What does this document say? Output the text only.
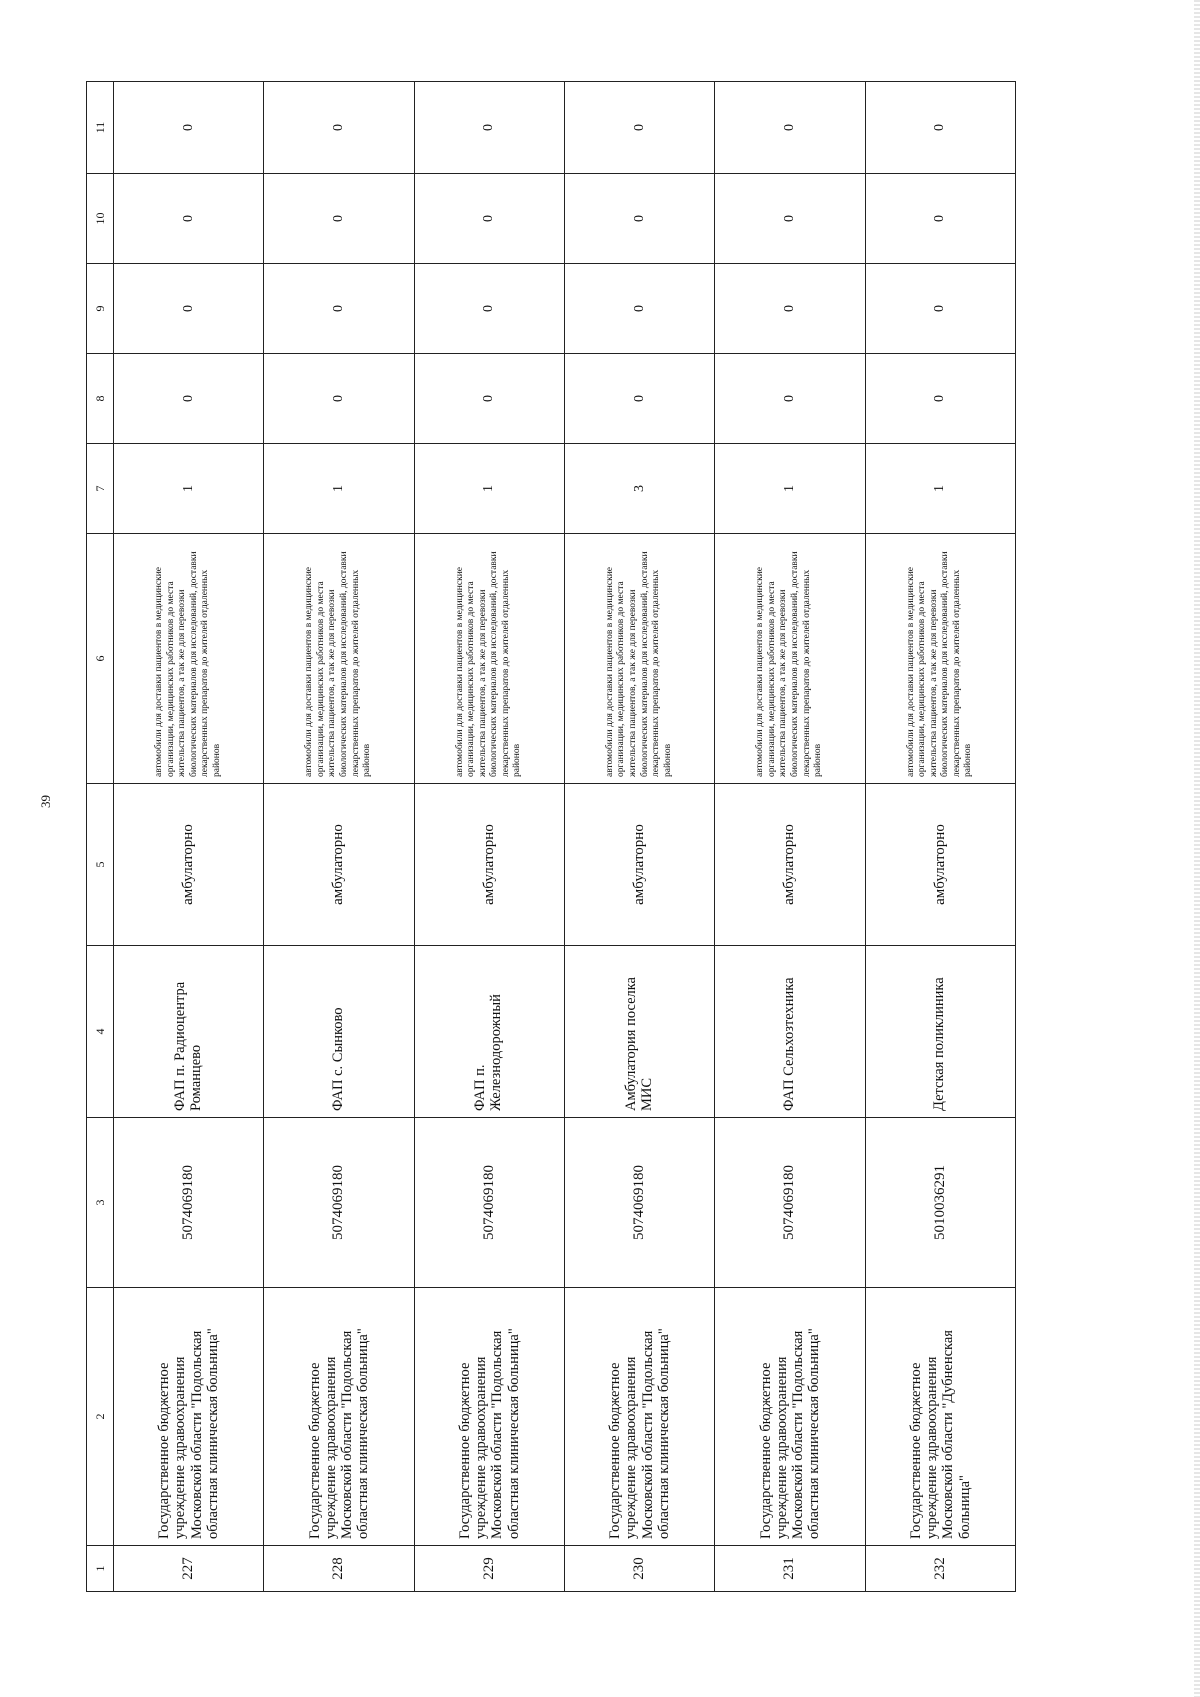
39
1	2	3	4	5	6	7	8	9	10	11
227	Государственное бюджетное учреждение здравоохранения Московской области "Подольская областная клиническая больница"	5074069180	ФАП п. Радиоцентра Романцево	амбулаторно	автомобили для доставки пациентов в медицинские организации, медицинских работников до места жительства пациентов, а так же для перевозки биологических материалов для исследований, доставки лекарственных препаратов до жителей отдаленных районов	1	0	0	0	0
228	Государственное бюджетное учреждение здравоохранения Московской области "Подольская областная клиническая больница"	5074069180	ФАП с. Сынково	амбулаторно	автомобили для доставки пациентов в медицинские организации, медицинских работников до места жительства пациентов, а так же для перевозки биологических материалов для исследований, доставки лекарственных препаратов до жителей отдаленных районов	1	0	0	0	0
229	Государственное бюджетное учреждение здравоохранения Московской области "Подольская областная клиническая больница"	5074069180	ФАП п. Железнодорожный	амбулаторно	автомобили для доставки пациентов в медицинские организации, медицинских работников до места жительства пациентов, а так же для перевозки биологических материалов для исследований, доставки лекарственных препаратов до жителей отдаленных районов	1	0	0	0	0
230	Государственное бюджетное учреждение здравоохранения Московской области "Подольская областная клиническая больница"	5074069180	Амбулатория поселка МИС	амбулаторно	автомобили для доставки пациентов в медицинские организации, медицинских работников до места жительства пациентов, а так же для перевозки биологических материалов для исследований, доставки лекарственных препаратов до жителей отдаленных районов	3	0	0	0	0
231	Государственное бюджетное учреждение здравоохранения Московской области "Подольская областная клиническая больница"	5074069180	ФАП Сельхозтехника	амбулаторно	автомобили для доставки пациентов в медицинские организации, медицинских работников до места жительства пациентов, а так же для перевозки биологических материалов для исследований, доставки лекарственных препаратов до жителей отдаленных районов	1	0	0	0	0
232	Государственное бюджетное учреждение здравоохранения Московской области "Дубненская больница"	5010036291	Детская поликлиника	амбулаторно	автомобили для доставки пациентов в медицинские организации, медицинских работников до места жительства пациентов, а так же для перевозки биологических материалов для исследований, доставки лекарственных препаратов до жителей отдаленных районов	1	0	0	0	0
